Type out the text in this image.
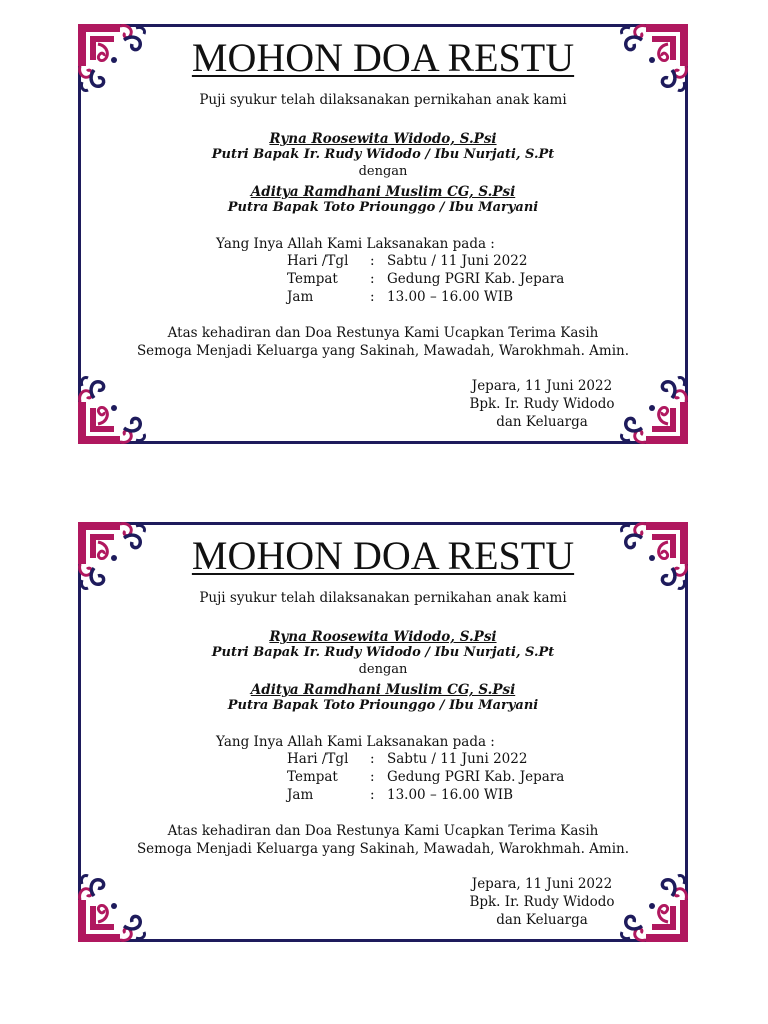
MOHON DOA RESTU
Puji syukur telah dilaksanakan pernikahan anak kami
Ryna Roosewita Widodo, S.Psi
Putri Bapak Ir. Rudy Widodo / Ibu Nurjati, S.Pt
dengan
Aditya Ramdhani Muslim CG, S.Psi
Putra Bapak Toto Priounggo / Ibu Maryani
Yang Inya Allah Kami Laksanakan pada :
Hari /Tgl : Sabtu / 11 Juni 2022
Tempat : Gedung PGRI Kab. Jepara
Jam	: 13.00 – 16.00 WIB
Atas kehadiran dan Doa Restunya Kami Ucapkan Terima Kasih
Semoga Menjadi Keluarga yang Sakinah, Mawadah, Warokhmah. Amin.
Jepara, 11 Juni 2022
Bpk. Ir. Rudy Widodo
dan Keluarga
MOHON DOA RESTU
Puji syukur telah dilaksanakan pernikahan anak kami
Ryna Roosewita Widodo, S.Psi
Putri Bapak Ir. Rudy Widodo / Ibu Nurjati, S.Pt
dengan
Aditya Ramdhani Muslim CG, S.Psi
Putra Bapak Toto Priounggo / Ibu Maryani
Yang Inya Allah Kami Laksanakan pada :
Hari /Tgl : Sabtu / 11 Juni 2022
Tempat : Gedung PGRI Kab. Jepara
Jam	: 13.00 – 16.00 WIB
Atas kehadiran dan Doa Restunya Kami Ucapkan Terima Kasih
Semoga Menjadi Keluarga yang Sakinah, Mawadah, Warokhmah. Amin.
Jepara, 11 Juni 2022
Bpk. Ir. Rudy Widodo
dan Keluarga
